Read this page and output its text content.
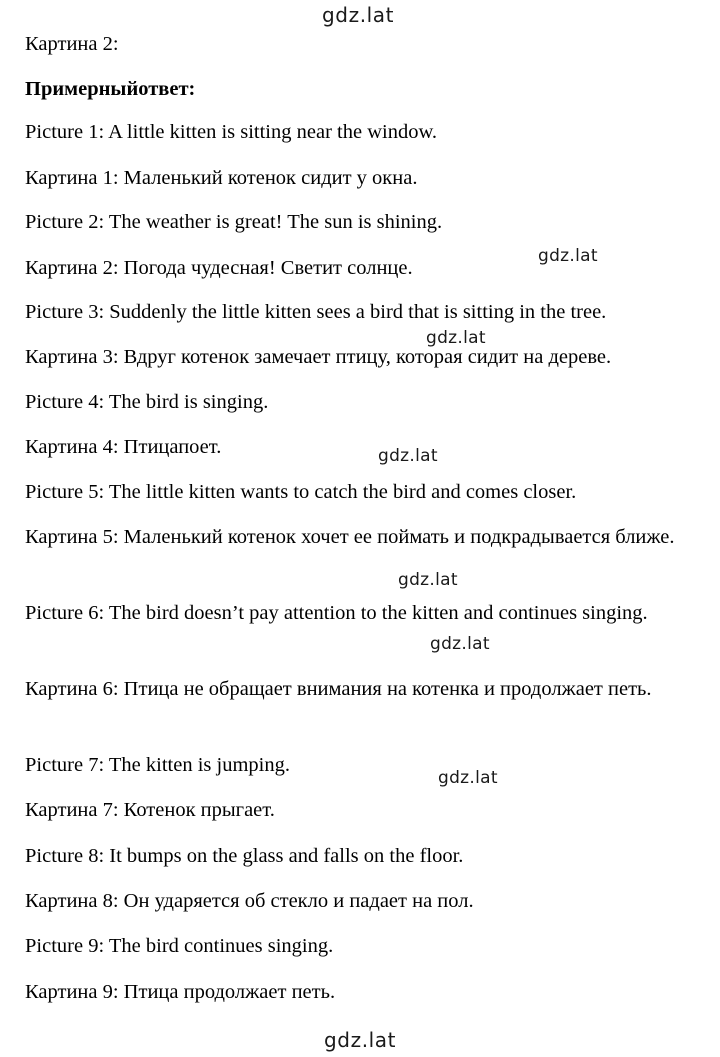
gdz.lat

Картина 2:

Примерныйответ:

Picture 1: A little kitten is sitting near the window.

Картина 1: Маленький котенок сидит у окна.

Picture 2: The weather is great! The sun is shining.

gdz.lat

Картина 2: Погода чудесная! Светит солнце.

Picture 3: Suddenly the little kitten sees a bird that is sitting in the tree.

gdz.lat

Картина 3: Вдруг котенок замечает птицу, которая сидит на дереве.

Picture 4: The bird is singing.

Картина 4: Птицапоет.	gdz.lat

Picture 5: The little kitten wants to catch the bird and comes closer.

Картина 5: Маленький котенок хочет ее поймать и подкрадывается ближе.

gdz.lat

Picture 6: The bird doesn’t pay attention to the kitten and continues singing.

gdz.lat

Картина 6: Птица не обращает внимания на котенка и продолжает петь.

Picture 7: The kitten is jumping.

gdz.lat

Картина 7: Котенок прыгает.

Picture 8: It bumps on the glass and falls on the floor.

Картина 8: Он ударяется об стекло и падает на пол.

Picture 9: The bird continues singing.

Картина 9: Птица продолжает петь.

gdz.lat
